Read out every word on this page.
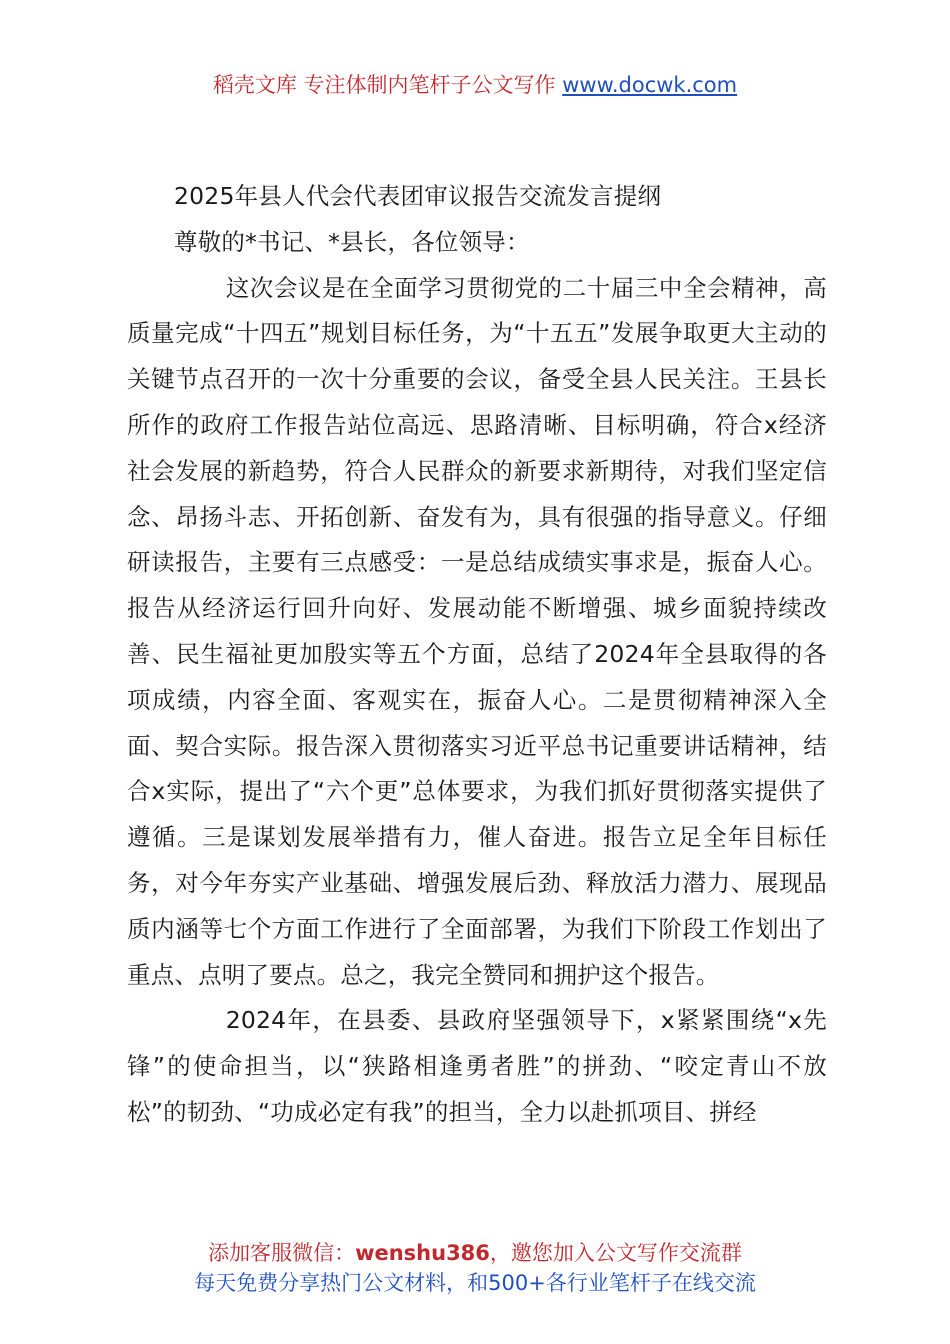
稻壳文库 专注体制内笔杆子公文写作 www.docwk.com

2025年县人代会代表团审议报告交流发言提纲

尊敬的*书记、*县长，各位领导：

这次会议是在全面学习贯彻党的二十届三中全会精神，高质量完成“十四五”规划目标任务，为“十五五”发展争取更大主动的关键节点召开的一次十分重要的会议，备受全县人民关注。王县长所作的政府工作报告站位高远、思路清晰、目标明确，符合x经济社会发展的新趋势，符合人民群众的新要求新期待，对我们坚定信念、昂扬斗志、开拓创新、奋发有为，具有很强的指导意义。仔细研读报告，主要有三点感受：一是总结成绩实事求是，振奋人心。报告从经济运行回升向好、发展动能不断增强、城乡面貌持续改善、民生福祉更加殷实等五个方面，总结了2024年全县取得的各项成绩，内容全面、客观实在，振奋人心。二是贯彻精神深入全面、契合实际。报告深入贯彻落实习近平总书记重要讲话精神，结合x实际，提出了“六个更”总体要求，为我们抓好贯彻落实提供了遵循。三是谋划发展举措有力，催人奋进。报告立足全年目标任务，对今年夯实产业基础、增强发展后劲、释放活力潜力、展现品质内涵等七个方面工作进行了全面部署，为我们下阶段工作划出了重点、点明了要点。总之，我完全赞同和拥护这个报告。

2024年，在县委、县政府坚强领导下，x紧紧围绕“x先锋”的使命担当，以“狭路相逢勇者胜”的拼劲、“咬定青山不放松”的韧劲、“功成必定有我”的担当，全力以赴抓项目、拼经

添加客服微信：wenshu386，邀您加入公文写作交流群
每天免费分享热门公文材料，和500+各行业笔杆子在线交流
